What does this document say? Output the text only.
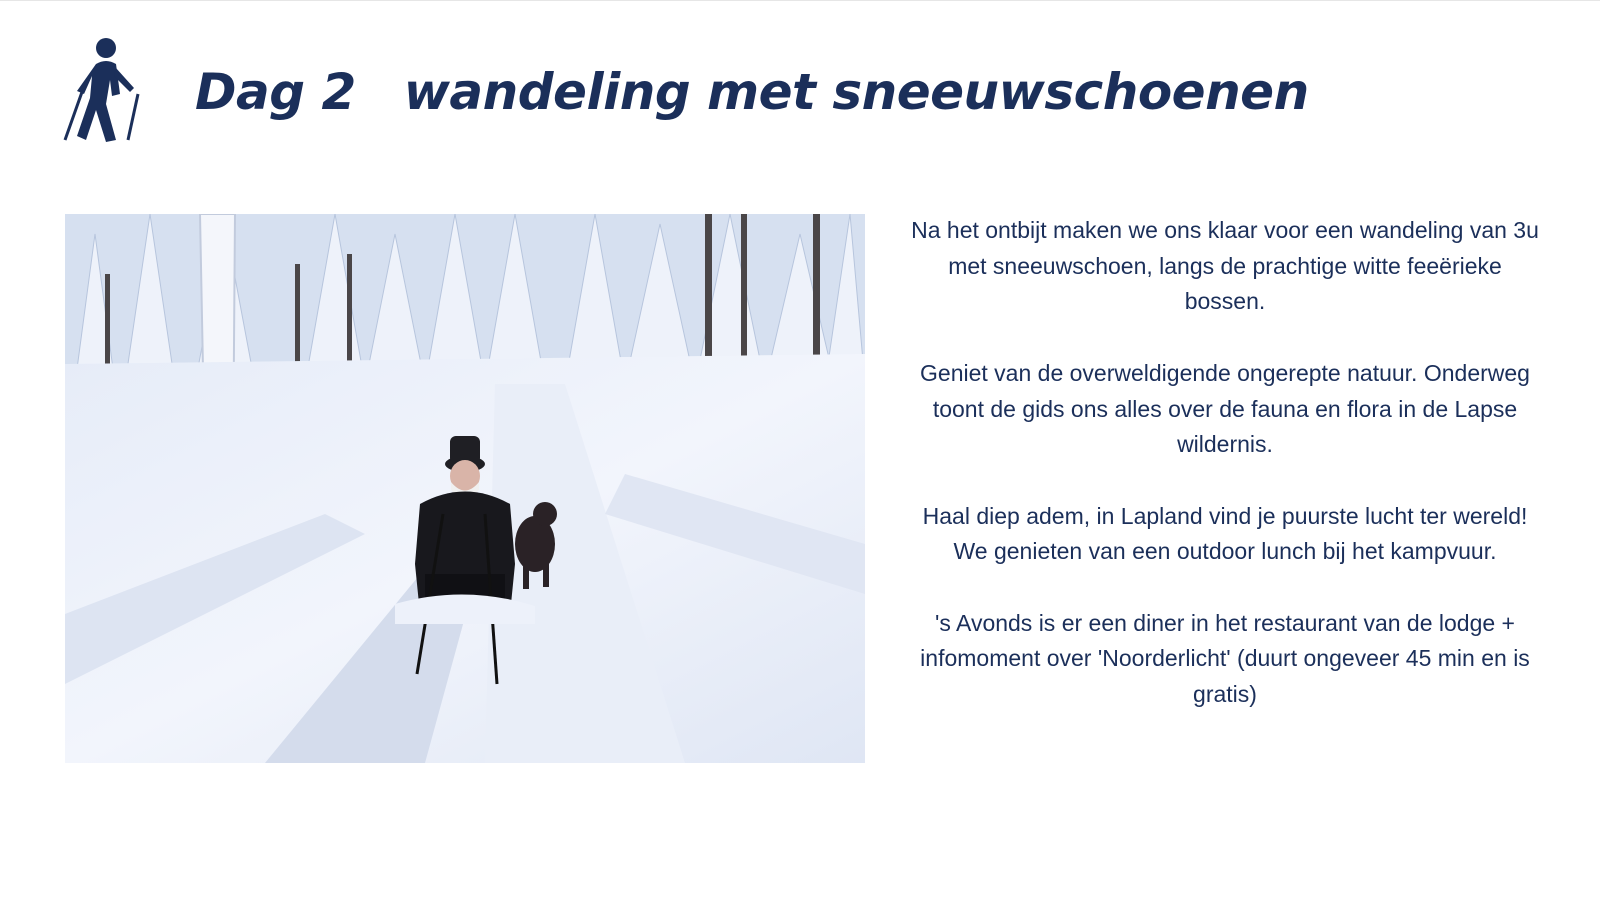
Dag 2 wandeling met sneeuwschoenen

Na het ontbijt maken we ons klaar voor een wandeling van 3u met sneeuwschoen, langs de prachtige witte feeërieke bossen.

Geniet van de overweldigende ongerepte natuur. Onderweg toont de gids ons alles over de fauna en flora in de Lapse wildernis.

Haal diep adem, in Lapland vind je puurste lucht ter wereld! We genieten van een outdoor lunch bij het kampvuur.

's Avonds is er een diner in het restaurant van de lodge + infomoment over 'Noorderlicht' (duurt ongeveer 45 min en is gratis)
